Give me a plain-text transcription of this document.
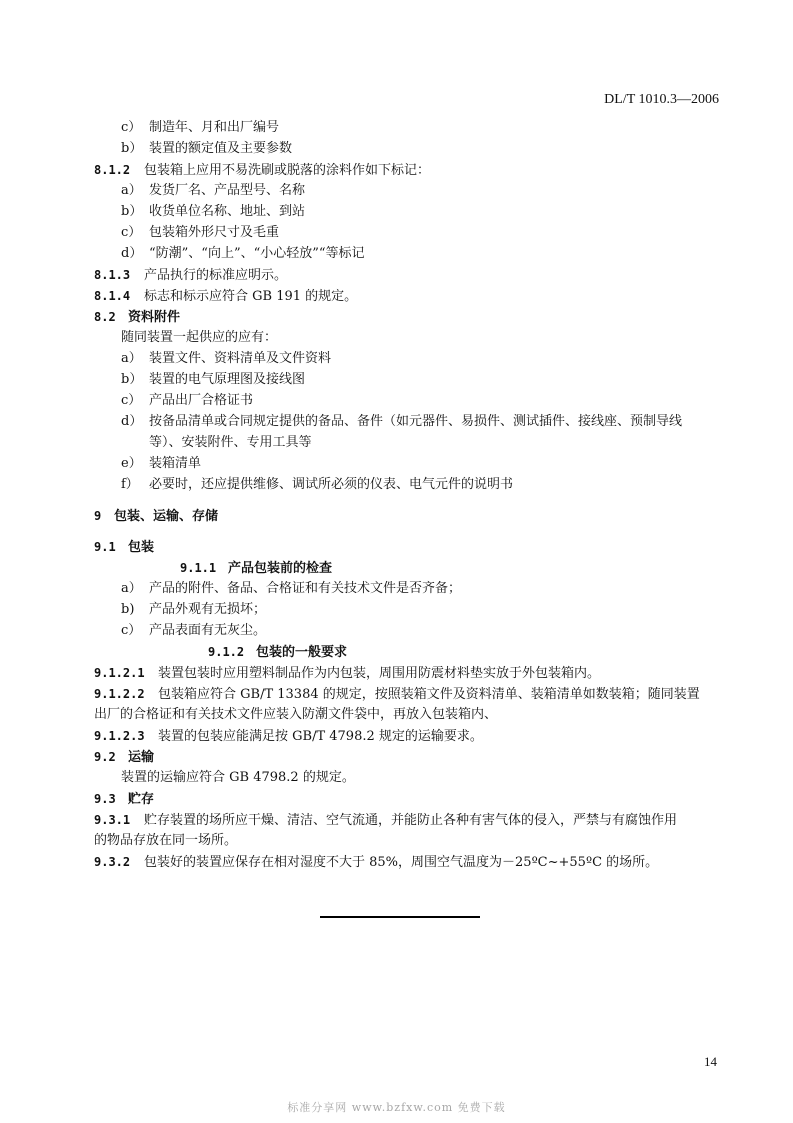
DL/T 1010.3—2006
c） 制造年、月和出厂编号
b） 装置的额定值及主要参数
8.1.2 包装箱上应用不易洗刷或脱落的涂料作如下标记：
a） 发货厂名、产品型号、名称
b） 收货单位名称、地址、到站
c） 包装箱外形尺寸及毛重
d） “防潮”、“向上”、“小心轻放”“等标记
8.1.3 产品执行的标准应明示。
8.1.4 标志和标示应符合 GB 191 的规定。
8.2 资料附件
随同装置一起供应的应有：
a） 装置文件、资料清单及文件资料
b） 装置的电气原理图及接线图
c） 产品出厂合格证书
d） 按备品清单或合同规定提供的备品、备件（如元器件、易损件、测试插件、接线座、预制导线
等）、安装附件、专用工具等
e） 装箱清单
f） 必要时，还应提供维修、调试所必须的仪表、电气元件的说明书
9 包装、运输、存储
9.1 包装
9.1.1 产品包装前的检查
a） 产品的附件、备品、合格证和有关技术文件是否齐备；
b) 产品外观有无损坏；
c） 产品表面有无灰尘。
9.1.2 包装的一般要求
9.1.2.1 装置包装时应用塑料制品作为内包装，周围用防震材料垫实放于外包装箱内。
9.1.2.2 包装箱应符合 GB/T 13384 的规定，按照装箱文件及资料清单、装箱清单如数装箱；随同装置
出厂的合格证和有关技术文件应装入防潮文件袋中，再放入包装箱内、
9.1.2.3 装置的包装应能满足按 GB/T 4798.2 规定的运输要求。
9.2 运输
装置的运输应符合 GB 4798.2 的规定。
9.3 贮存
9.3.1 贮存装置的场所应干燥、清洁、空气流通，并能防止各种有害气体的侵入，严禁与有腐蚀作用
的物品存放在同一场所。
9.3.2 包装好的装置应保存在相对湿度不大于 85%，周围空气温度为－25ºC~+55ºC 的场所。
14
标准分享网 www.bzfxw.com 免费下载
